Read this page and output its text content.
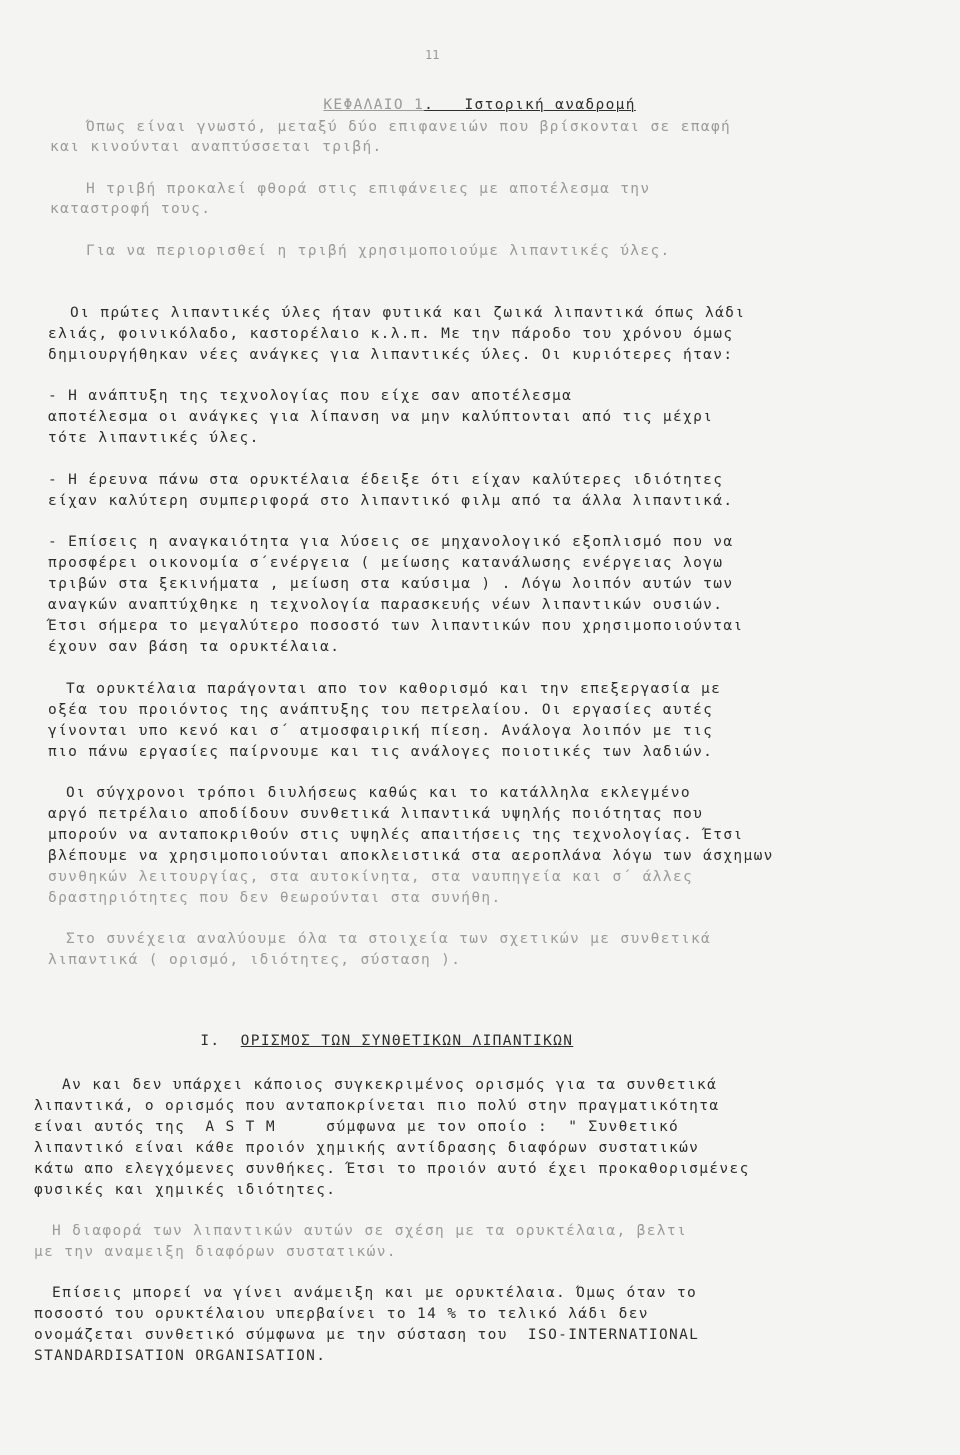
11

ΚΕΦΑΛΑΙΟ 1.   Ιστορική αναδρομή

Όπως είναι γνωστό, μεταξύ δύο επιφανειών που βρίσκονται σε επαφή
και κινούνται αναπτύσσεται τριβή.
Η τριβή προκαλεί φθορά στις επιφάνειες με αποτέλεσμα την
καταστροφή τους.
Για να περιορισθεί η τριβή χρησιμοποιούμε λιπαντικές ύλες.
Οι πρώτες λιπαντικές ύλες ήταν φυτικά και ζωικά λιπαντικά όπως λάδι
ελιάς, φοινικόλαδο, καστορέλαιο κ.λ.π. Με την πάροδο του χρόνου όμως
δημιουργήθηκαν νέες ανάγκες για λιπαντικές ύλες. Οι κυριότερες ήταν:
- Η ανάπτυξη της τεχνολογίας που είχε σαν αποτέλεσμα
αποτέλεσμα οι ανάγκες για λίπανση να μην καλύπτονται από τις μέχρι
τότε λιπαντικές ύλες.
- Η έρευνα πάνω στα ορυκτέλαια έδειξε ότι είχαν καλύτερες ιδιότητες
είχαν καλύτερη συμπεριφορά στο λιπαντικό φιλμ από τα άλλα λιπαντικά.
- Επίσεις η αναγκαιότητα για λύσεις σε μηχανολογικό εξοπλισμό που να
προσφέρει οικονομία σ΄ενέργεια ( μείωσης κατανάλωσης ενέργειας λογω
τριβών στα ξεκινήματα , μείωση στα καύσιμα ) . Λόγω λοιπόν αυτών των
αναγκών αναπτύχθηκε η τεχνολογία παρασκευής νέων λιπαντικών ουσιών.
Έτσι σήμερα το μεγαλύτερο ποσοστό των λιπαντικών που χρησιμοποιούνται
έχουν σαν βάση τα ορυκτέλαια.
Τα ορυκτέλαια παράγονται απο τον καθορισμό και την επεξεργασία με
οξέα του προιόντος της ανάπτυξης του πετρελαίου. Οι εργασίες αυτές
γίνονται υπο κενό και σ΄ ατμοσφαιρική πίεση. Ανάλογα λοιπόν με τις
πιο πάνω εργασίες παίρνουμε και τις ανάλογες ποιοτικές των λαδιών.
Οι σύγχρονοι τρόποι διυλήσεως καθώς και το κατάλληλα εκλεγμένο
αργό πετρέλαιο αποδίδουν συνθετικά λιπαντικά υψηλής ποιότητας που
μπορούν να ανταποκριθούν στις υψηλές απαιτήσεις της τεχνολογίας. Έτσι
βλέπουμε να χρησιμοποιούνται αποκλειστικά στα αεροπλάνα λόγω των άσχημων
συνθηκών λειτουργίας, στα αυτοκίνητα, στα ναυπηγεία και σ΄ άλλες
δραστηριότητες που δεν θεωρούνται στα συνήθη.
Στο συνέχεια αναλύουμε όλα τα στοιχεία των σχετικών με συνθετικά
λιπαντικά ( ορισμό, ιδιότητες, σύσταση ).

Ι. ΟΡΙΣΜΟΣ ΤΩΝ ΣΥΝΘΕΤΙΚΩΝ ΛΙΠΑΝΤΙΚΩΝ

Αν και δεν υπάρχει κάποιος συγκεκριμένος ορισμός για τα συνθετικά
λιπαντικά, ο ορισμός που ανταποκρίνεται πιο πολύ στην πραγματικότητα
είναι αυτός της  A S T M     σύμφωνα με τον οποίο :  " Συνθετικό
λιπαντικό είναι κάθε προιόν χημικής αντίδρασης διαφόρων συστατικών
κάτω απο ελεγχόμενες συνθήκες. Έτσι το προιόν αυτό έχει προκαθορισμένες
φυσικές και χημικές ιδιότητες.
Η διαφορά των λιπαντικών αυτών σε σχέση με τα ορυκτέλαια, βελτι
με την αναμειξη διαφόρων συστατικών.
Επίσεις μπορεί να γίνει ανάμειξη και με ορυκτέλαια. Όμως όταν το
ποσοστό του ορυκτέλαιου υπερβαίνει το 14 % το τελικό λάδι δεν
ονομάζεται συνθετικό σύμφωνα με την σύσταση του  ISO-INTERNATIONAL
STANDARDISATION ORGANISATION.
